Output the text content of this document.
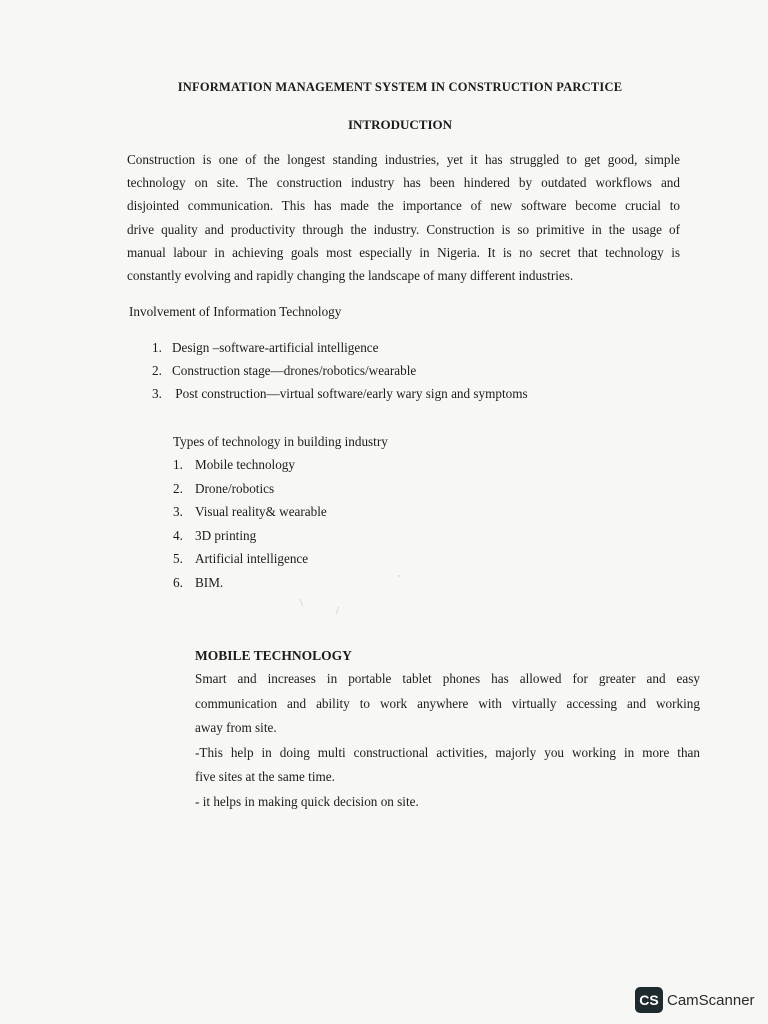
INFORMATION MANAGEMENT SYSTEM IN CONSTRUCTION PARCTICE
INTRODUCTION
Construction is one of the longest standing industries, yet it has struggled to get good, simple
technology on site. The construction industry has been hindered by outdated workflows and
disjointed communication. This has made the importance of new software become crucial to
drive quality and productivity through the industry. Construction is so primitive in the usage of
manual labour in achieving goals most especially in Nigeria. It is no secret that technology is
constantly evolving and rapidly changing the landscape of many different industries.
Involvement of Information Technology
1. Design –software-artificial intelligence
2. Construction stage—drones/robotics/wearable
3. Post construction—virtual software/early wary sign and symptoms
Types of technology in building industry
1. Mobile technology
2. Drone/robotics
3. Visual reality& wearable
4. 3D printing
5. Artificial intelligence
6. BIM.
\
/
'
MOBILE TECHNOLOGY
Smart and increases in portable tablet phones has allowed for greater and easy
communication and ability to work anywhere with virtually accessing and working
away from site.
-This help in doing multi constructional activities, majorly you working in more than
five sites at the same time.
- it helps in making quick decision on site.
CS CamScanner
